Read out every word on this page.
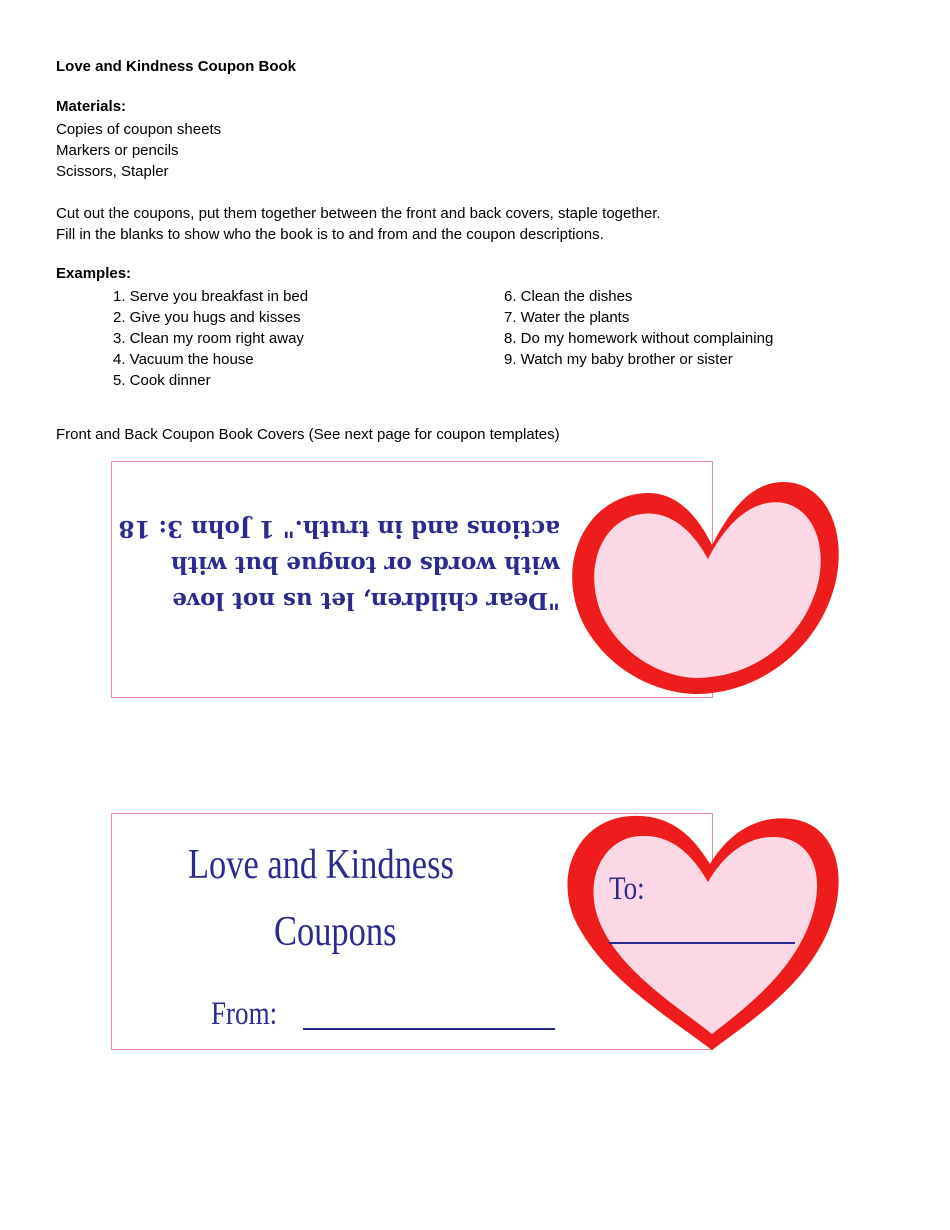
Love and Kindness Coupon Book
Materials:
Copies of coupon sheets
Markers or pencils
Scissors, Stapler
Cut out the coupons, put them together between the front and back covers, staple together.
Fill in the blanks to show who the book is to and from and the coupon descriptions.
Examples:
1. Serve you breakfast in bed
2. Give you hugs and kisses
3. Clean my room right away
4. Vacuum the house
5. Cook dinner
6. Clean the dishes
7. Water the plants
8. Do my homework without complaining
9. Watch my baby brother or sister
Front and Back Coupon Book Covers (See next page for coupon templates)
"Dear children, let us not love
with words or tongue but with
actions and in truth." 1 John 3: 18
Love and Kindness
Coupons
From:
To:
